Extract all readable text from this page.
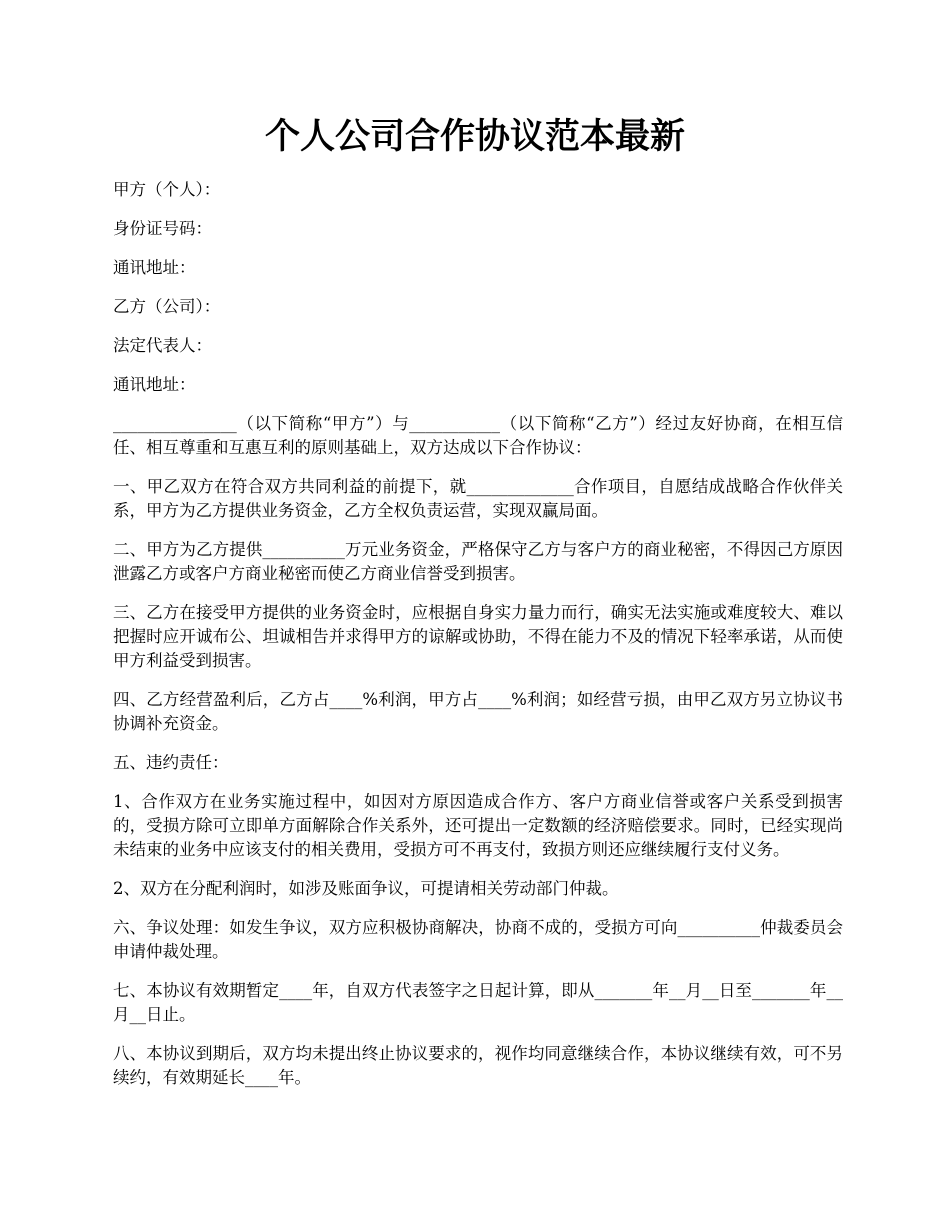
个人公司合作协议范本最新

甲方（个人）：

身份证号码：

通讯地址：

乙方（公司）：

法定代表人：

通讯地址：

_______________（以下简称“甲方”）与___________（以下简称“乙方”）经过友好协商，在相互信任、相互尊重和互惠互利的原则基础上，双方达成以下合作协议：

一、甲乙双方在符合双方共同利益的前提下，就_____________合作项目，自愿结成战略合作伙伴关系，甲方为乙方提供业务资金，乙方全权负责运营，实现双赢局面。

二、甲方为乙方提供__________万元业务资金，严格保守乙方与客户方的商业秘密，不得因己方原因泄露乙方或客户方商业秘密而使乙方商业信誉受到损害。

三、乙方在接受甲方提供的业务资金时，应根据自身实力量力而行，确实无法实施或难度较大、难以把握时应开诚布公、坦诚相告并求得甲方的谅解或协助，不得在能力不及的情况下轻率承诺，从而使甲方利益受到损害。

四、乙方经营盈利后，乙方占____%利润，甲方占____%利润；如经营亏损，由甲乙双方另立协议书协调补充资金。

五、违约责任：

1、合作双方在业务实施过程中，如因对方原因造成合作方、客户方商业信誉或客户关系受到损害的，受损方除可立即单方面解除合作关系外，还可提出一定数额的经济赔偿要求。同时，已经实现尚未结束的业务中应该支付的相关费用，受损方可不再支付，致损方则还应继续履行支付义务。

2、双方在分配利润时，如涉及账面争议，可提请相关劳动部门仲裁。

六、争议处理：如发生争议，双方应积极协商解决，协商不成的，受损方可向__________仲裁委员会申请仲裁处理。

七、本协议有效期暂定____年，自双方代表签字之日起计算，即从_______年__月__日至_______年__月__日止。

八、本协议到期后，双方均未提出终止协议要求的，视作均同意继续合作，本协议继续有效，可不另续约，有效期延长____年。
